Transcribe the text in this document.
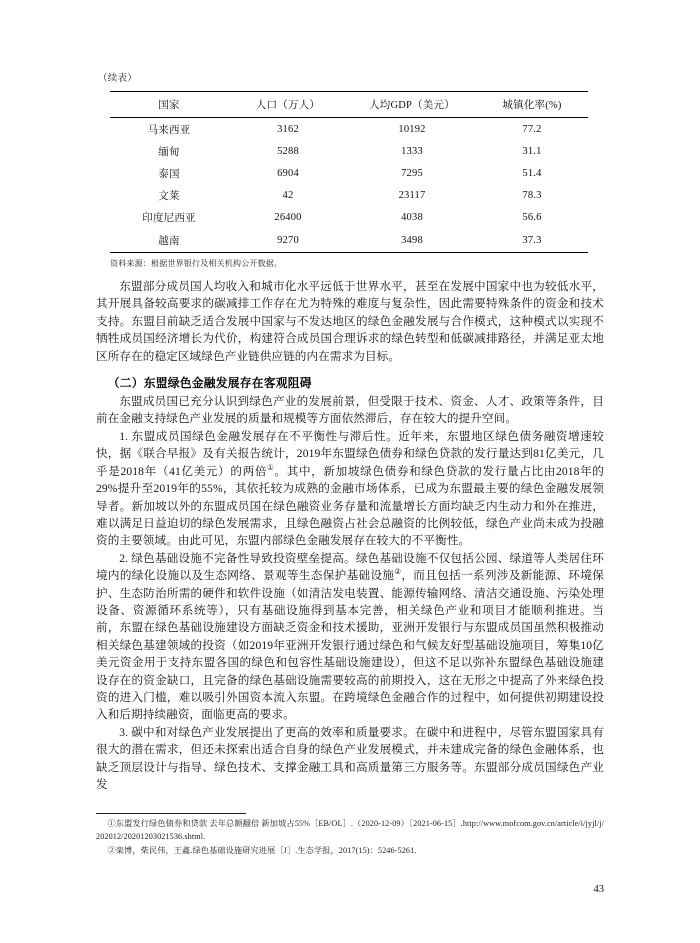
（续表）
国家	人口（万人）	人均GDP（美元）	城镇化率(%)
马来西亚	3162	10192	77.2
缅甸	5288	1333	31.1
泰国	6904	7295	51.4
文莱	42	23117	78.3
印度尼西亚	26400	4038	56.6
越南	9270	3498	37.3
资料来源：根据世界银行及相关机构公开数据。

东盟部分成员国人均收入和城市化水平远低于世界水平，甚至在发展中国家中也为较低水平，其开展具备较高要求的碳减排工作存在尤为特殊的难度与复杂性，因此需要特殊条件的资金和技术支持。东盟目前缺乏适合发展中国家与不发达地区的绿色金融发展与合作模式，这种模式以实现不牺牲成员国经济增长为代价，构建符合成员国合理诉求的绿色转型和低碳减排路径，并满足亚太地区所存在的稳定区域绿色产业链供应链的内在需求为目标。

（二）东盟绿色金融发展存在客观阻碍

东盟成员国已充分认识到绿色产业的发展前景，但受限于技术、资金、人才、政策等条件，目前在金融支持绿色产业发展的质量和规模等方面依然滞后，存在较大的提升空间。

1. 东盟成员国绿色金融发展存在不平衡性与滞后性。近年来，东盟地区绿色债务融资增速较快，据《联合早报》及有关报告统计，2019年东盟绿色债券和绿色贷款的发行量达到81亿美元，几乎是2018年（41亿美元）的两倍①。其中，新加坡绿色债券和绿色贷款的发行量占比由2018年的29%提升至2019年的55%，其依托较为成熟的金融市场体系，已成为东盟最主要的绿色金融发展领导者。新加坡以外的东盟成员国在绿色融资业务存量和流量增长方面均缺乏内生动力和外在推进，难以满足日益迫切的绿色发展需求，且绿色融资占社会总融资的比例较低，绿色产业尚未成为投融资的主要领域。由此可见，东盟内部绿色金融发展存在较大的不平衡性。

2. 绿色基础设施不完备性导致投资壁垒提高。绿色基础设施不仅包括公园、绿道等人类居住环境内的绿化设施以及生态网络、景观等生态保护基础设施②，而且包括一系列涉及新能源、环境保护、生态防治所需的硬件和软件设施（如清洁发电装置、能源传输网络、清洁交通设施、污染处理设备、资源循环系统等），只有基础设施得到基本完善，相关绿色产业和项目才能顺利推进。当前，东盟在绿色基础设施建设方面缺乏资金和技术援助，亚洲开发银行与东盟成员国虽然积极推动相关绿色基建领域的投资（如2019年亚洲开发银行通过绿色和气候友好型基础设施项目，筹集10亿美元资金用于支持东盟各国的绿色和包容性基础设施建设），但这不足以弥补东盟绿色基础设施建设存在的资金缺口，且完备的绿色基础设施需要较高的前期投入，这在无形之中提高了外来绿色投资的进入门槛，难以吸引外国资本流入东盟。在跨境绿色金融合作的过程中，如何提供初期建设投入和后期持续融资，面临更高的要求。

3. 碳中和对绿色产业发展提出了更高的效率和质量要求。在碳中和进程中，尽管东盟国家具有很大的潜在需求，但还未探索出适合自身的绿色产业发展模式，并未建成完备的绿色金融体系，也缺乏顶层设计与指导、绿色技术、支撑金融工具和高质量第三方服务等。东盟部分成员国绿色产业发

①东盟发行绿色债券和贷款 去年总额翻倍 新加坡占55%［EB/OL］.（2020-12-09）［2021-06-15］.http://www.mofcom.gov.cn/article/i/jyjl/j/202012/20201203021536.shtml.

②栾博，柴民伟，王鑫.绿色基础设施研究进展［J］.生态学报，2017(15)：5246-5261.

43
